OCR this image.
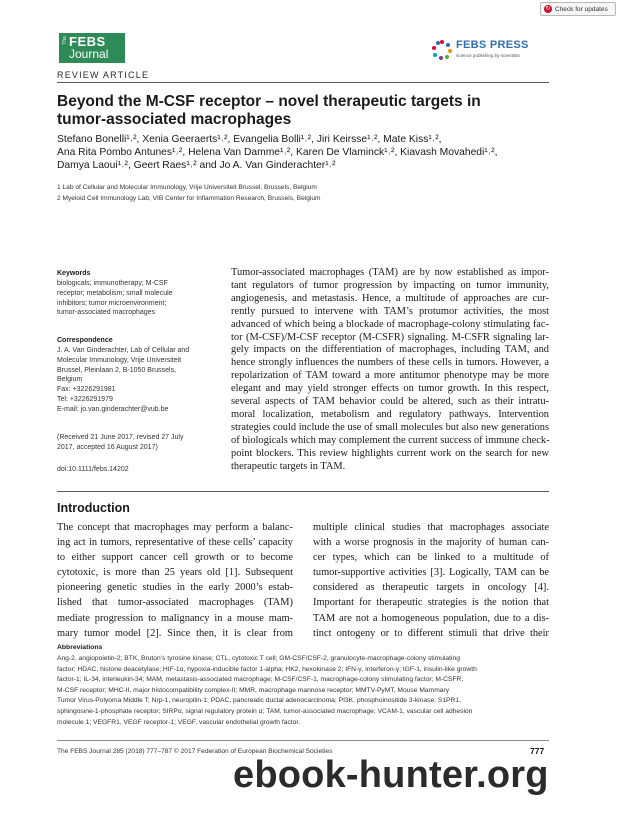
↻ Check for updates
The FEBS
Journal
REVIEW ARTICLE
FEBS PRESS
science publishing by scientists
Beyond the M-CSF receptor – novel therapeutic targets in
tumor-associated macrophages
Stefano Bonelli¹˒², Xenia Geeraerts¹˒², Evangelia Bolli¹˒², Jiri Keirsse¹˒², Mate Kiss¹˒²,
Ana Rita Pombo Antunes¹˒², Helena Van Damme¹˒², Karen De Vlaminck¹˒², Kiavash Movahedi¹˒²,
Damya Laoui¹˒², Geert Raes¹˒² and Jo A. Van Ginderachter¹˒²
1 Lab of Cellular and Molecular Immunology, Vrije Universiteit Brussel, Brussels, Belgium
2 Myeloid Cell Immunology Lab, VIB Center for Inflammation Research, Brussels, Belgium
Keywords
biologicals; immunotherapy; M-CSF
receptor; metabolism; small molecule
inhibitors; tumor microenvironment;
tumor-associated macrophages
Correspondence
J. A. Van Ginderachter, Lab of Cellular and
Molecular Immunology, Vrije Universiteit
Brussel, Pleinlaan 2, B-1050 Brussels,
Belgium
Fax: +3226291981
Tel: +3226291979
E-mail: jo.van.ginderachter@vub.be
(Received 21 June 2017, revised 27 July
2017, accepted 16 August 2017)
doi:10.1111/febs.14202
Tumor-associated macrophages (TAM) are by now established as impor-
tant regulators of tumor progression by impacting on tumor immunity,
angiogenesis, and metastasis. Hence, a multitude of approaches are cur-
rently pursued to intervene with TAM’s protumor activities, the most
advanced of which being a blockade of macrophage-colony stimulating fac-
tor (M-CSF)/M-CSF receptor (M-CSFR) signaling. M-CSFR signaling lar-
gely impacts on the differentiation of macrophages, including TAM, and
hence strongly influences the numbers of these cells in tumors. However, a
repolarization of TAM toward a more antitumor phenotype may be more
elegant and may yield stronger effects on tumor growth. In this respect,
several aspects of TAM behavior could be altered, such as their intratu-
moral localization, metabolism and regulatory pathways. Intervention
strategies could include the use of small molecules but also new generations
of biologicals which may complement the current success of immune check-
point blockers. This review highlights current work on the search for new
therapeutic targets in TAM.
Introduction
The concept that macrophages may perform a balanc-
ing act in tumors, representative of these cells’ capacity
to either support cancer cell growth or to become
cytotoxic, is more than 25 years old [1]. Subsequent
pioneering genetic studies in the early 2000’s estab-
lished that tumor-associated macrophages (TAM)
mediate progression to malignancy in a mouse mam-
mary tumor model [2]. Since then, it is clear from
multiple clinical studies that macrophages associate
with a worse prognosis in the majority of human can-
cer types, which can be linked to a multitude of
tumor-supportive activities [3]. Logically, TAM can be
considered as therapeutic targets in oncology [4].
Important for therapeutic strategies is the notion that
TAM are not a homogeneous population, due to a dis-
tinct ontogeny or to different stimuli that drive their
Abbreviations
Ang-2, angiopoietin-2; BTK, Bruton’s tyrosine kinase; CTL, cytotoxic T cell; GM-CSF/CSF-2, granulocyte-macrophage-colony stimulating
factor; HDAC, histone deacetylase; HIF-1α, hypoxia-inducible factor 1-alpha; HK2, hexokinase 2; IFN-γ, interferon-γ; IGF-1, insulin-like growth
factor-1; IL-34, interleukin-34; MAM, metastasis-associated macrophage; M-CSF/CSF-1, macrophage-colony stimulating factor; M-CSFR,
M-CSF receptor; MHC-II, major histocompatibility complex-II; MMR, macrophage mannose receptor; MMTV-PyMT, Mouse Mammary
Tumor Virus-Polyoma Middle T; Nrp-1, neuropilin-1; PDAC, pancreatic ductal adenocarcinoma; PI3K, phosphoinositide 3-kinase; S1PR1,
sphingosine-1-phosphate receptor; SIRPα, signal regulatory protein α; TAM, tumor-associated macrophage; VCAM-1, vascular cell adhesion
molecule 1; VEGFR1, VEGF receptor-1; VEGF, vascular endothelial growth factor.
The FEBS Journal 285 (2018) 777–787 © 2017 Federation of European Biochemical Societies	777
ebook-hunter.org
